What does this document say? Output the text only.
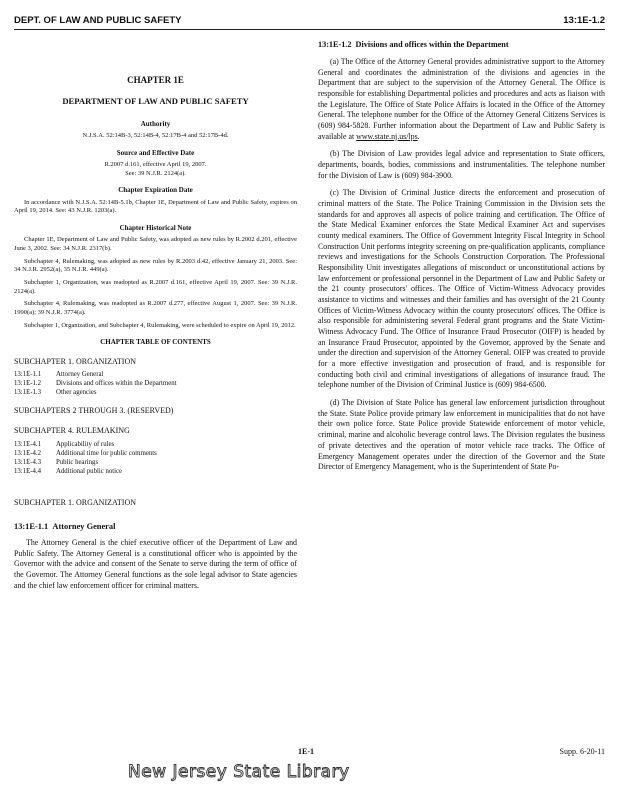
DEPT. OF LAW AND PUBLIC SAFETY	13:1E-1.2
CHAPTER 1E
DEPARTMENT OF LAW AND PUBLIC SAFETY
Authority

N.J.S.A. 52:14B-3, 52:14B-4, 52:17B-4 and 52:17B-4d.

Source and Effective Date

R.2007 d.161, effective April 19, 2007.

See: 39 N.J.R. 2124(a).

Chapter Expiration Date

In accordance with N.J.S.A. 52:14B-5.1b, Chapter 1E, Department of Law and Public Safety, expires on April 19, 2014. See: 43 N.J.R. 1203(a).

Chapter Historical Note

Chapter 1E, Department of Law and Public Safety, was adopted as new rules by R.2002 d.201, effective June 3, 2002. See: 34 N.J.R. 2317(b).

Subchapter 4, Rulemaking, was adopted as new rules by R.2003 d.42, effective January 21, 2003. See: 34 N.J.R. 2952(a), 35 N.J.R. 449(a).

Subchapter 1, Organization, was readopted as R.2007 d.161, effective April 19, 2007. See: 39 N.J.R. 2124(a).

Subchapter 4, Rulemaking, was readopted as R.2007 d.277, effective August 1, 2007. See: 39 N.J.R. 1990(a); 39 N.J.R. 3774(a).

Subchapter 1, Organization, and Subchapter 4, Rulemaking, were scheduled to expire on April 19, 2012.

CHAPTER TABLE OF CONTENTS
SUBCHAPTER 1. ORGANIZATION
13:1E-1.1	Attorney General
13:1E-1.2	Divisions and offices within the Department
13:1E-1.3	Other agencies
SUBCHAPTERS 2 THROUGH 3. (RESERVED)
SUBCHAPTER 4. RULEMAKING
13:1E-4.1	Applicability of rules
13:1E-4.2	Additional time for public comments
13:1E-4.3	Public hearings
13:1E-4.4	Additional public notice
SUBCHAPTER 1. ORGANIZATION
13:1E-1.1 Attorney General

The Attorney General is the chief executive officer of the Department of Law and Public Safety. The Attorney General is a constitutional officer who is appointed by the Governor with the advice and consent of the Senate to serve during the term of office of the Governor. The Attorney General functions as the sole legal advisor to State agencies and the chief law enforcement officer for criminal matters.

13:1E-1.2 Divisions and offices within the Department

(a) The Office of the Attorney General provides administrative support to the Attorney General and coordinates the administration of the divisions and agencies in the Department that are subject to the supervision of the Attorney General. The Office is responsible for establishing Departmental policies and procedures and acts as liaison with the Legislature. The Office of State Police Affairs is located in the Office of the Attorney General. The telephone number for the Office of the Attorney General Citizens Services is (609) 984-5828. Further information about the Department of Law and Public Safety is available at www.state.nj.us/lps.

(b) The Division of Law provides legal advice and representation to State officers, departments, boards, bodies, commissions and instrumentalities. The telephone number for the Division of Law is (609) 984-3900.

(c) The Division of Criminal Justice directs the enforcement and prosecution of criminal matters of the State. The Police Training Commission in the Division sets the standards for and approves all aspects of police training and certification. The Office of the State Medical Examiner enforces the State Medical Examiner Act and supervises county medical examiners. The Office of Government Integrity Fiscal Integrity in School Construction Unit performs integrity screening on pre-qualification applicants, compliance reviews and investigations for the Schools Construction Corporation. The Professional Responsibility Unit investigates allegations of misconduct or unconstitutional actions by law enforcement or professional personnel in the Department of Law and Public Safety or the 21 county prosecutors' offices. The Office of Victim-Witness Advocacy provides assistance to victims and witnesses and their families and has oversight of the 21 County Offices of Victim-Witness Advocacy within the county prosecutors' offices. The Office is also responsible for administering several Federal grant programs and the State Victim-Witness Advocacy Fund. The Office of Insurance Fraud Prosecutor (OIFP) is headed by an Insurance Fraud Prosecutor, appointed by the Governor, approved by the Senate and under the direction and supervision of the Attorney General. OIFP was created to provide for a more effective investigation and prosecution of fraud, and is responsible for conducting both civil and criminal investigations of allegations of insurance fraud. The telephone number of the Division of Criminal Justice is (609) 984-6500.

(d) The Division of State Police has general law enforcement jurisdiction throughout the State. State Police provide primary law enforcement in municipalities that do not have their own police force. State Police provide Statewide enforcement of motor vehicle, criminal, marine and alcoholic beverage control laws. The Division regulates the business of private detectives and the operation of motor vehicle race tracks. The Office of Emergency Management operates under the direction of the Governor and the State Director of Emergency Management, who is the Superintendent of State Po-

1E-1	Supp. 6-20-11
New Jersey State Library
